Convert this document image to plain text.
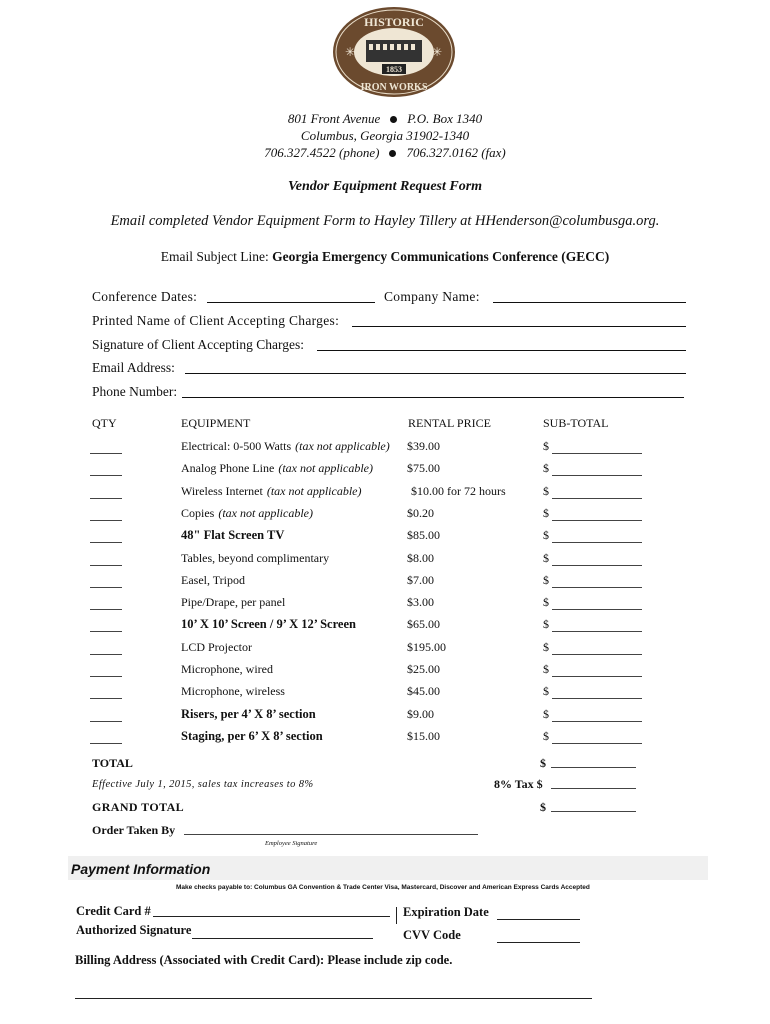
1853
HISTORIC
IRON WORKS
✳	✳
801 Front Avenue P.O. Box 1340
Columbus, Georgia 31902-1340
706.327.4522 (phone) 706.327.0162 (fax)
Vendor Equipment Request Form
Email completed Vendor Equipment Form to Hayley Tillery at HHenderson@columbusga.org.
Email Subject Line: Georgia Emergency Communications Conference (GECC)
Conference Dates:	Company Name:
Printed Name of Client Accepting Charges:
Signature of Client Accepting Charges:
Email Address:
Phone Number:
QTY	EQUIPMENT	RENTAL PRICE	SUB-TOTAL
Electrical: 0-500 Watts (tax not applicable) $39.00	$
Analog Phone Line (tax not applicable)	$75.00	$
Wireless Internet (tax not applicable)	$10.00 for 72 hours	$
Copies (tax not applicable)	$0.20	$
48" Flat Screen TV	$85.00	$
Tables, beyond complimentary	$8.00	$
Easel, Tripod	$7.00	$
Pipe/Drape, per panel	$3.00	$
10’ X 10’ Screen / 9’ X 12’ Screen	$65.00	$
LCD Projector	$195.00	$
Microphone, wired	$25.00	$
Microphone, wireless	$45.00	$
Risers, per 4’ X 8’ section	$9.00	$
Staging, per 6’ X 8’ section	$15.00	$
TOTAL	$
Effective July 1, 2015, sales tax increases to 8%	8% Tax $
GRAND TOTAL	$
Order Taken By
Employee Signature
Payment Information
Make checks payable to: Columbus GA Convention & Trade Center Visa, Mastercard, Discover and American Express Cards Accepted
Credit Card #	Expiration Date
Authorized Signature	CVV Code
Billing Address (Associated with Credit Card): Please include zip code.
